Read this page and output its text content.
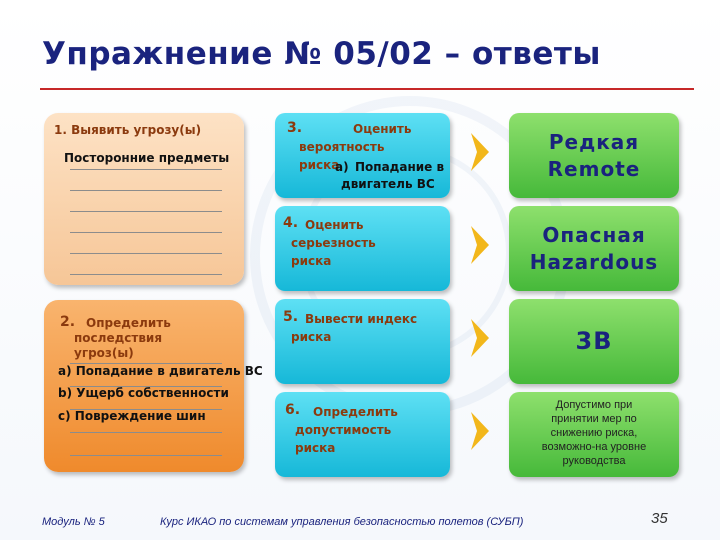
Упражнение № 05/02 – ответы
1. Выявить угрозу(ы)
Посторонние предметы
2. Определить
последствия
угроз(ы)
a) Попадание в двигатель ВС
b) Ущерб собственности
c) Повреждение шин
3.	Оценить
вероятность
риска
a) Попадание в
двигатель ВС
4. Оценить
серьезность
риска
5. Вывести индекс
риска
6. Определить
допустимость
риска
Редкая
Remote
Опасная
Hazardous
3B
Допустимо при
принятии мер по
снижению риска,
возможно-на уровне
руководства
Модуль № 5	Курс ИКАО по системам управления безопасностью полетов (СУБП)	35
